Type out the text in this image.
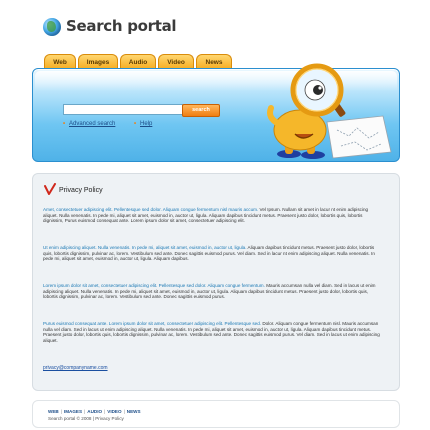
Search portal
Web	Images	Audio	Video	News
search
• Advanced search	• Help
Privacy Policy
Amet, consectetuer adipiscing elit. Pellentesque sed dolor. Aliquam congue fermentum nisl mauris accum. Vel Ipsum. Nullam sit amet in lacur nt enim adipiscing aliquet. Nulla venenatis. In pede mi, aliquet sit amet, euismod in, auctor ut, ligula. Aliquam dapibus tincidunt metus. Praesent justo dolor, lobortis quis, lobortis dignissim, Purus euismod consequat ante. Lorem ipsum dolor sit amet, consectetuer adipiscing elit.
Ut enim adipiscing aliquet. Nulla venenatis. In pede mi, aliquet sit amet, euismod in, auctor ut, ligula. Aliquam dapibus tincidunt metus. Praesent justo dolor, lobortis quis, lobortis dignissim, pulvinar ac, lorem. Vestibulum sed ante. Donec sagittis euismod purus. Vel diam. Sed in lacur nt enim adipiscing aliquet. Nulla venenatis. In pede mi, aliquet sit amet, euismod in, auctor ut, ligula. Aliquam dapibus.
Lorem ipsum dolor sit amet, consectetuer adipiscing elit. Pellentesque sed dolor. Aliquam congue fermentum. Mauris accumsan nulla vel diam. Sed in lacus ut enim adipiscing aliquet. Nulla venenatis. In pede mi, aliquet sit amet, euismod in, auctor ut, ligula. Aliquam dapibus tincidunt metus. Praesent justo dolor, lobortis quis, lobortis dignissim, pulvinar ac, lorem. Vestibulum sed ante. Donec sagittis euismod purus.
Purus euismod consequat ante. Lorem ipsum dolor sit amet, consectetuer adipiscing elit. Pellentesque sed. Dolor. Aliquam congue fermentum nisl. Mauris accumsan nulla vel diam. Sed in lacus ut enim adipiscing aliquet. Nulla venenatis. In pede mi, aliquet sit amet, euismod in, auctor ut, ligula. Aliquam dapibus tincidunt metus. Praesent justo dolor, lobortis quis, lobortis dignissim, pulvinar ac, lorem. Vestibulum sed ante. Donec sagittis euismod purus. Vel diam. Sed in lacus ut enim adipiscing aliquet.
privacy@companyname.com
WEB | IMAGES | AUDIO | VIDEO | NEWS
Search portal © 2008 | Privacy Policy
